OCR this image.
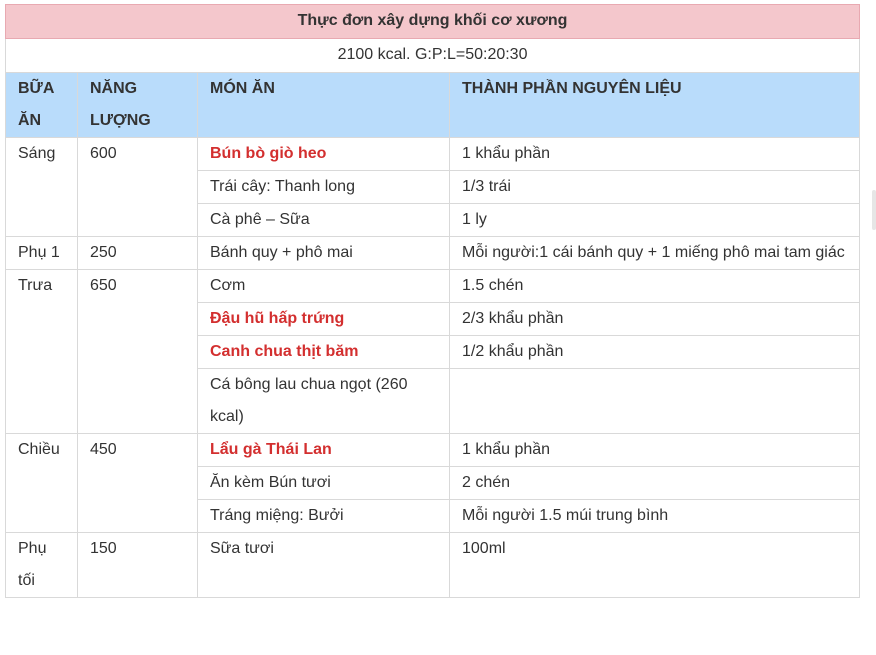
Thực đơn xây dựng khối cơ xương			
2100 kcal. G:P:L=50:20:30			
BỮA ĂN	NĂNG LƯỢNG	MÓN ĂN	THÀNH PHẦN NGUYÊN LIỆU
Sáng	600	Bún bò giò heo	1 khẩu phần
		Trái cây: Thanh long	1/3 trái
		Cà phê – Sữa	1 ly
Phụ 1	250	Bánh quy + phô mai	Mỗi người:1 cái bánh quy + 1 miếng phô mai tam giác
Trưa	650	Cơm	1.5 chén
		Đậu hũ hấp trứng	2/3 khẩu phần
		Canh chua thịt băm	1/2 khẩu phần
		Cá bông lau chua ngọt (260 kcal)	
Chiều	450	Lẩu gà Thái Lan	1 khẩu phần
		Ăn kèm Bún tươi	2 chén
		Tráng miệng: Bưởi	Mỗi người 1.5 múi trung bình
Phụ tối	150	Sữa tươi	100ml
